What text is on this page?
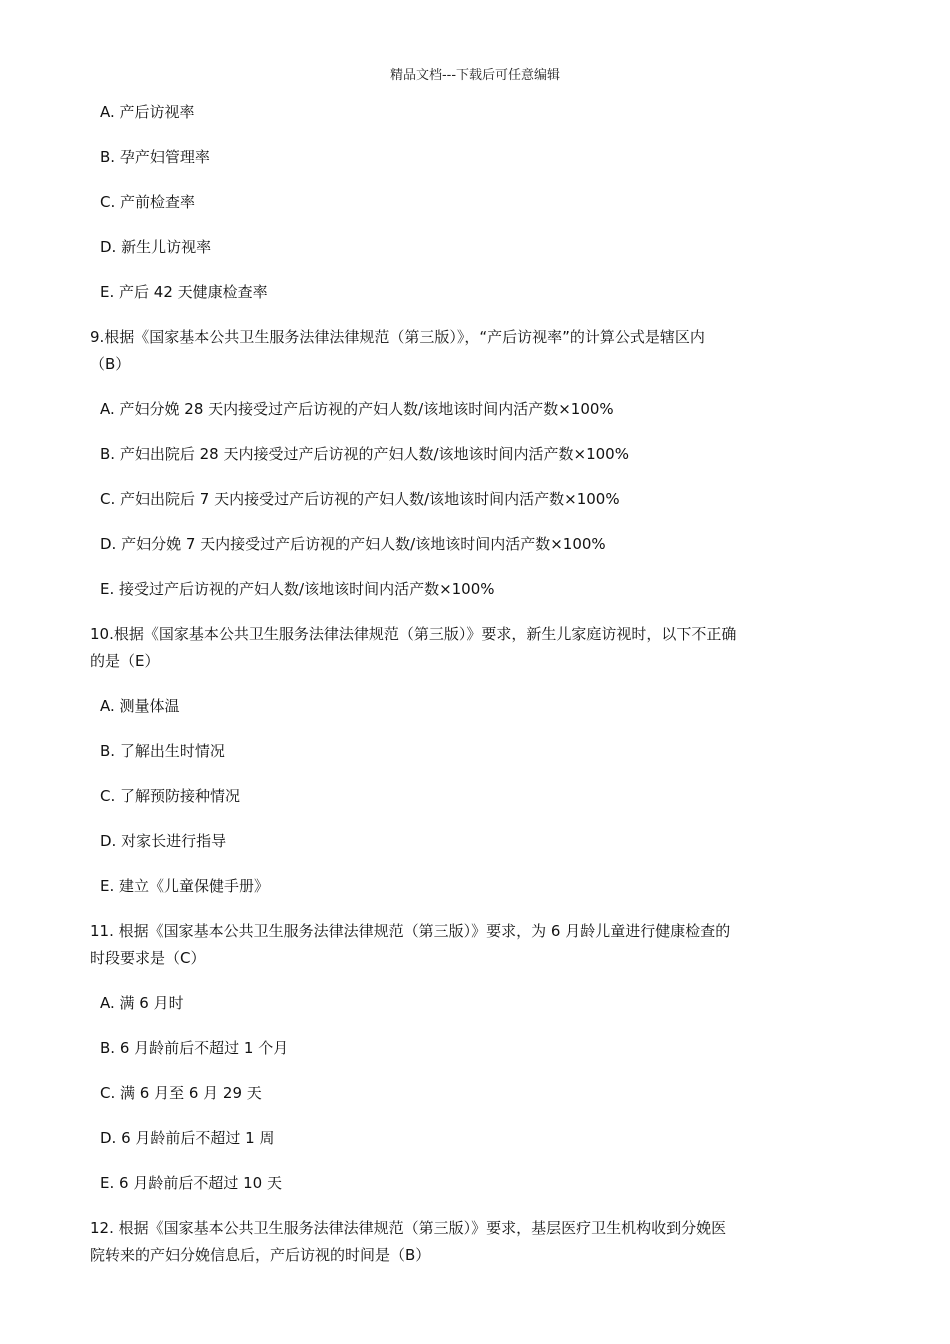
精品文档---下载后可任意编辑
A. 产后访视率
B. 孕产妇管理率
C. 产前检查率
D. 新生儿访视率
E. 产后 42 天健康检查率
9.根据《国家基本公共卫生服务法律法律规范（第三版）》，“产后访视率”的计算公式是辖区内
（B）
A. 产妇分娩 28 天内接受过产后访视的产妇人数/该地该时间内活产数×100%
B. 产妇出院后 28 天内接受过产后访视的产妇人数/该地该时间内活产数×100%
C. 产妇出院后 7 天内接受过产后访视的产妇人数/该地该时间内活产数×100%
D. 产妇分娩 7 天内接受过产后访视的产妇人数/该地该时间内活产数×100%
E. 接受过产后访视的产妇人数/该地该时间内活产数×100%
10.根据《国家基本公共卫生服务法律法律规范（第三版）》要求，新生儿家庭访视时，以下不正确
的是（E）
A. 测量体温
B. 了解出生时情况
C. 了解预防接种情况
D. 对家长进行指导
E. 建立《儿童保健手册》
11. 根据《国家基本公共卫生服务法律法律规范（第三版）》要求，为 6 月龄儿童进行健康检查的
时段要求是（C）
A. 满 6 月时
B. 6 月龄前后不超过 1 个月
C. 满 6 月至 6 月 29 天
D. 6 月龄前后不超过 1 周
E. 6 月龄前后不超过 10 天
12. 根据《国家基本公共卫生服务法律法律规范（第三版）》要求，基层医疗卫生机构收到分娩医
院转来的产妇分娩信息后，产后访视的时间是（B）
